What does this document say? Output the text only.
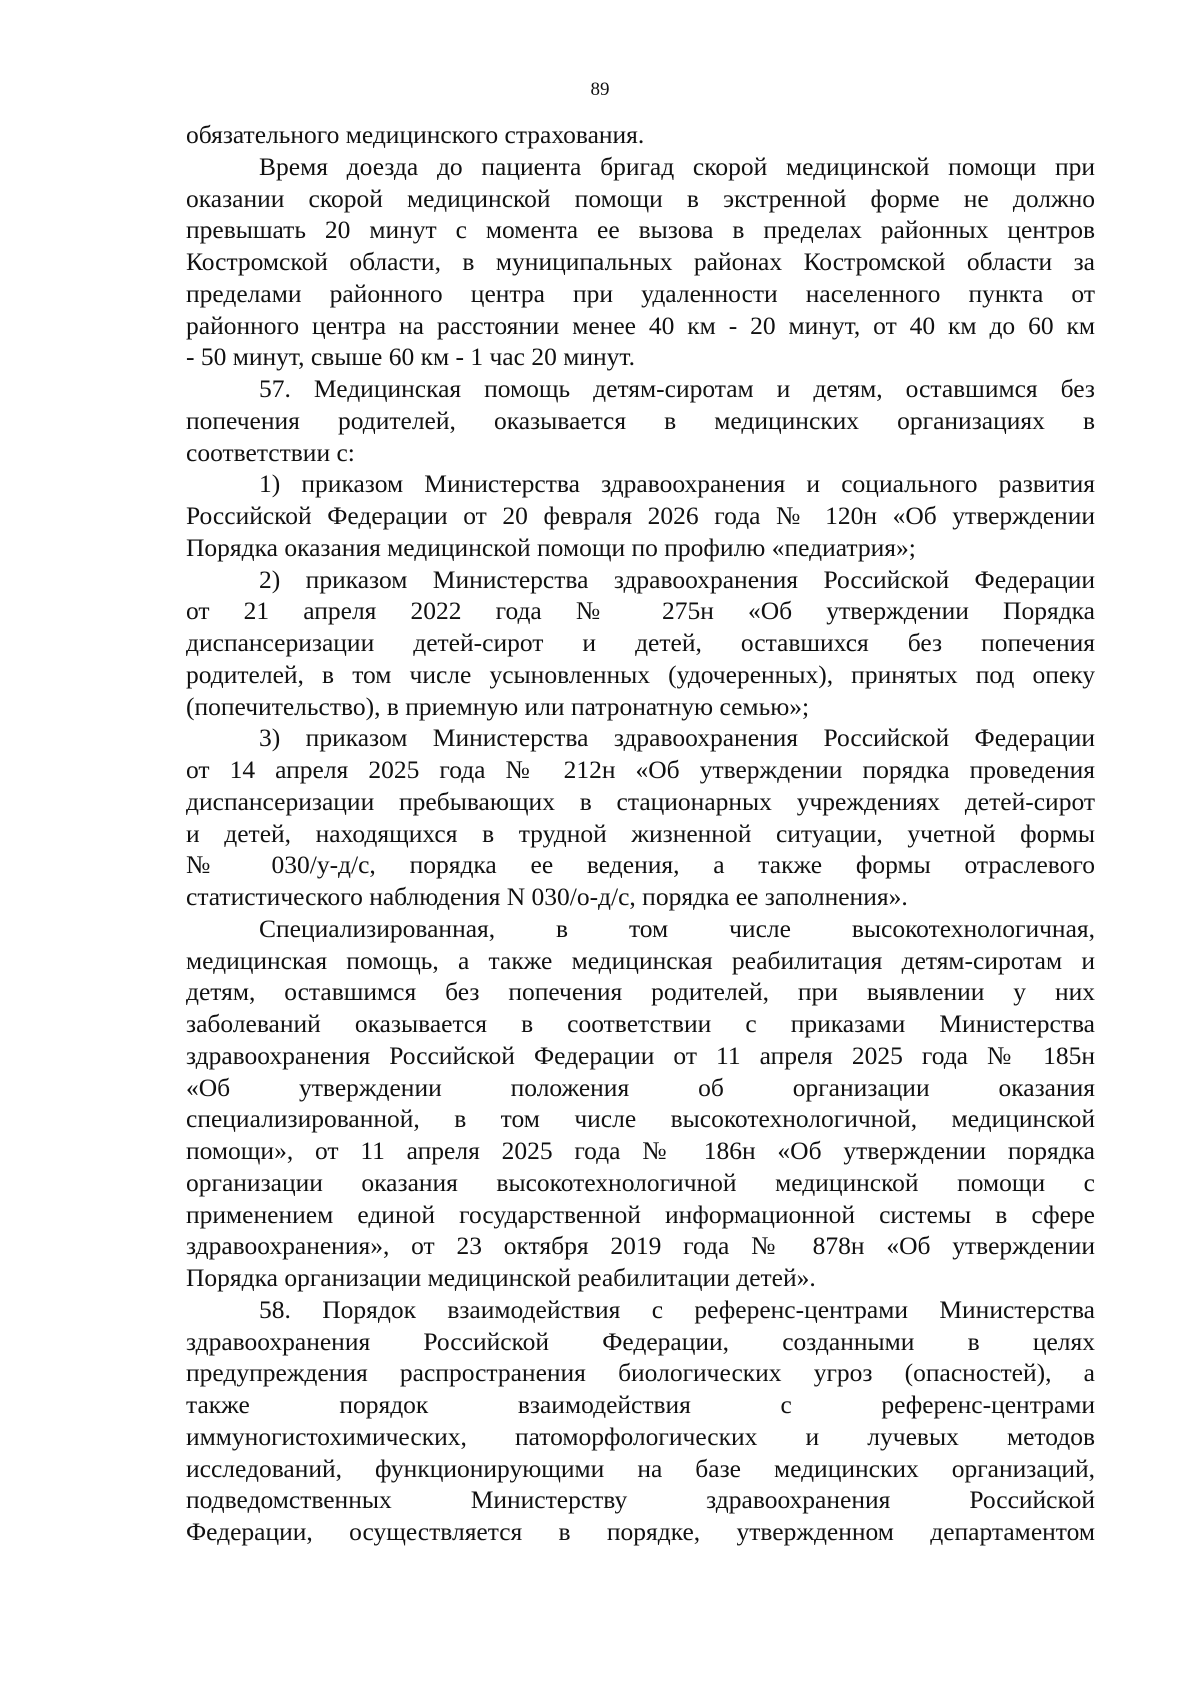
89
обязательного медицинского страхования.
Время доезда до пациента бригад скорой медицинской помощи при
оказании скорой медицинской помощи в экстренной форме не должно
превышать 20 минут с момента ее вызова в пределах районных центров
Костромской области, в муниципальных районах Костромской области за
пределами районного центра при удаленности населенного пункта от
районного центра на расстоянии менее 40 км - 20 минут, от 40 км до 60 км
- 50 минут, свыше 60 км - 1 час 20 минут.
57. Медицинская помощь детям-сиротам и детям, оставшимся без
попечения родителей, оказывается в медицинских организациях в
соответствии с:
1) приказом Министерства здравоохранения и социального развития
Российской Федерации от 20 февраля 2026 года № 120н «Об утверждении
Порядка оказания медицинской помощи по профилю «педиатрия»;
2) приказом Министерства здравоохранения Российской Федерации
от 21 апреля 2022 года № 275н «Об утверждении Порядка
диспансеризации детей-сирот и детей, оставшихся без попечения
родителей, в том числе усыновленных (удочеренных), принятых под опеку
(попечительство), в приемную или патронатную семью»;
3) приказом Министерства здравоохранения Российской Федерации
от 14 апреля 2025 года № 212н «Об утверждении порядка проведения
диспансеризации пребывающих в стационарных учреждениях детей-сирот
и детей, находящихся в трудной жизненной ситуации, учетной формы
№ 030/у-д/с, порядка ее ведения, а также формы отраслевого
статистического наблюдения N 030/о-д/с, порядка ее заполнения».
Специализированная, в том числе высокотехнологичная,
медицинская помощь, а также медицинская реабилитация детям-сиротам и
детям, оставшимся без попечения родителей, при выявлении у них
заболеваний оказывается в соответствии с приказами Министерства
здравоохранения Российской Федерации от 11 апреля 2025 года № 185н
«Об утверждении положения об организации оказания
специализированной, в том числе высокотехнологичной, медицинской
помощи», от 11 апреля 2025 года № 186н «Об утверждении порядка
организации оказания высокотехнологичной медицинской помощи с
применением единой государственной информационной системы в сфере
здравоохранения», от 23 октября 2019 года № 878н «Об утверждении
Порядка организации медицинской реабилитации детей».
58. Порядок взаимодействия с референс-центрами Министерства
здравоохранения Российской Федерации, созданными в целях
предупреждения распространения биологических угроз (опасностей), а
также порядок взаимодействия с референс-центрами
иммуногистохимических, патоморфологических и лучевых методов
исследований, функционирующими на базе медицинских организаций,
подведомственных Министерству здравоохранения Российской
Федерации, осуществляется в порядке, утвержденном департаментом
